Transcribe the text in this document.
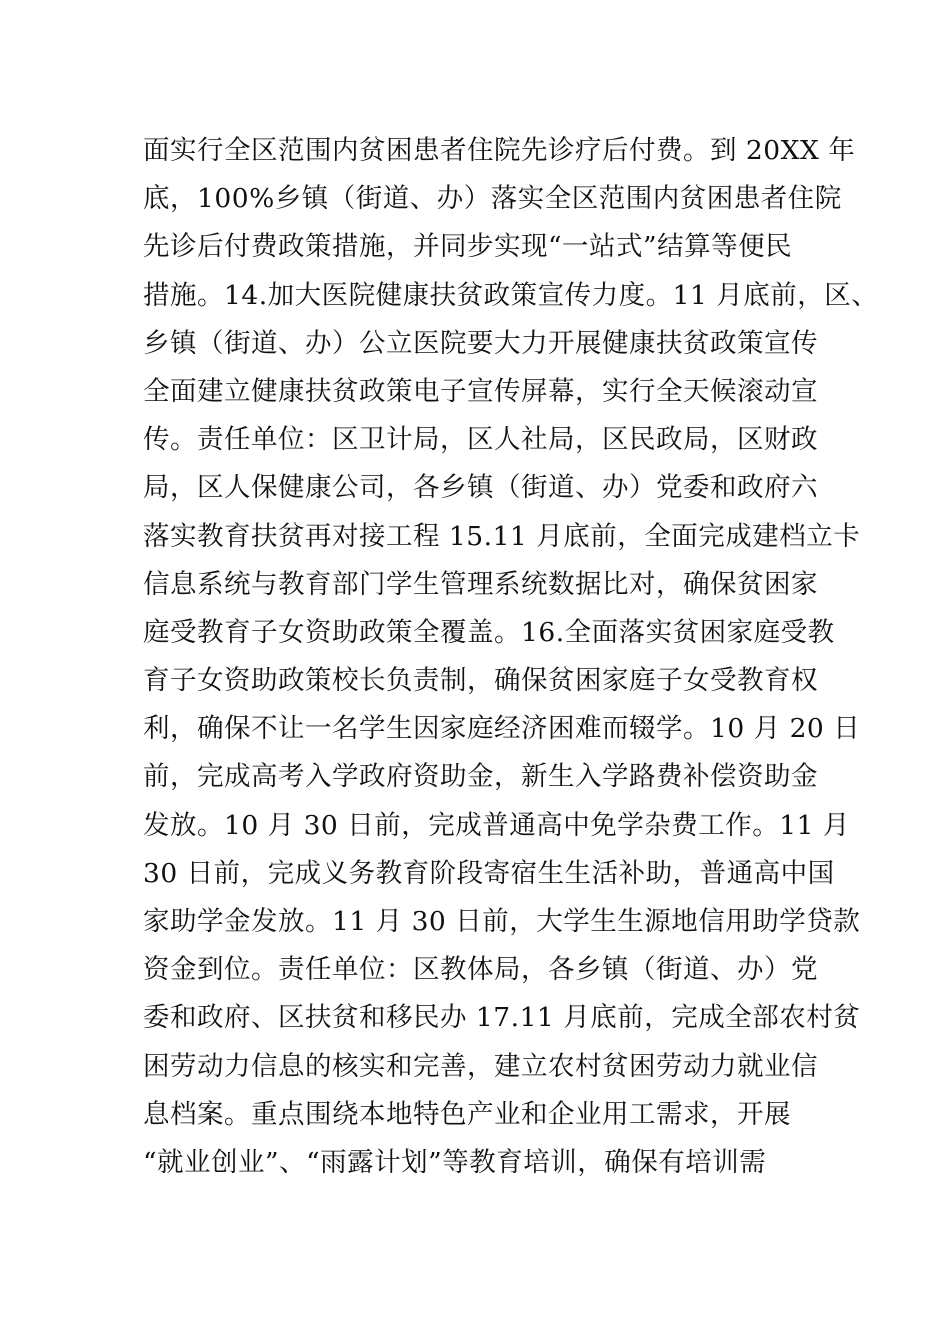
面实行全区范围内贫困患者住院先诊疗后付费。到 20XX 年
底，100%乡镇（街道、办）落实全区范围内贫困患者住院
先诊后付费政策措施，并同步实现“一站式”结算等便民
措施。14.加大医院健康扶贫政策宣传力度。11 月底前，区、
乡镇（街道、办）公立医院要大力开展健康扶贫政策宣传
全面建立健康扶贫政策电子宣传屏幕，实行全天候滚动宣
传。责任单位：区卫计局，区人社局，区民政局，区财政
局，区人保健康公司，各乡镇（街道、办）党委和政府六
落实教育扶贫再对接工程 15.11 月底前，全面完成建档立卡
信息系统与教育部门学生管理系统数据比对，确保贫困家
庭受教育子女资助政策全覆盖。16.全面落实贫困家庭受教
育子女资助政策校长负责制，确保贫困家庭子女受教育权
利，确保不让一名学生因家庭经济困难而辍学。10 月 20 日
前，完成高考入学政府资助金，新生入学路费补偿资助金
发放。10 月 30 日前，完成普通高中免学杂费工作。11 月
30 日前，完成义务教育阶段寄宿生生活补助，普通高中国
家助学金发放。11 月 30 日前，大学生生源地信用助学贷款
资金到位。责任单位：区教体局，各乡镇（街道、办）党
委和政府、区扶贫和移民办 17.11 月底前，完成全部农村贫
困劳动力信息的核实和完善，建立农村贫困劳动力就业信
息档案。重点围绕本地特色产业和企业用工需求，开展
“就业创业”、“雨露计划”等教育培训，确保有培训需
